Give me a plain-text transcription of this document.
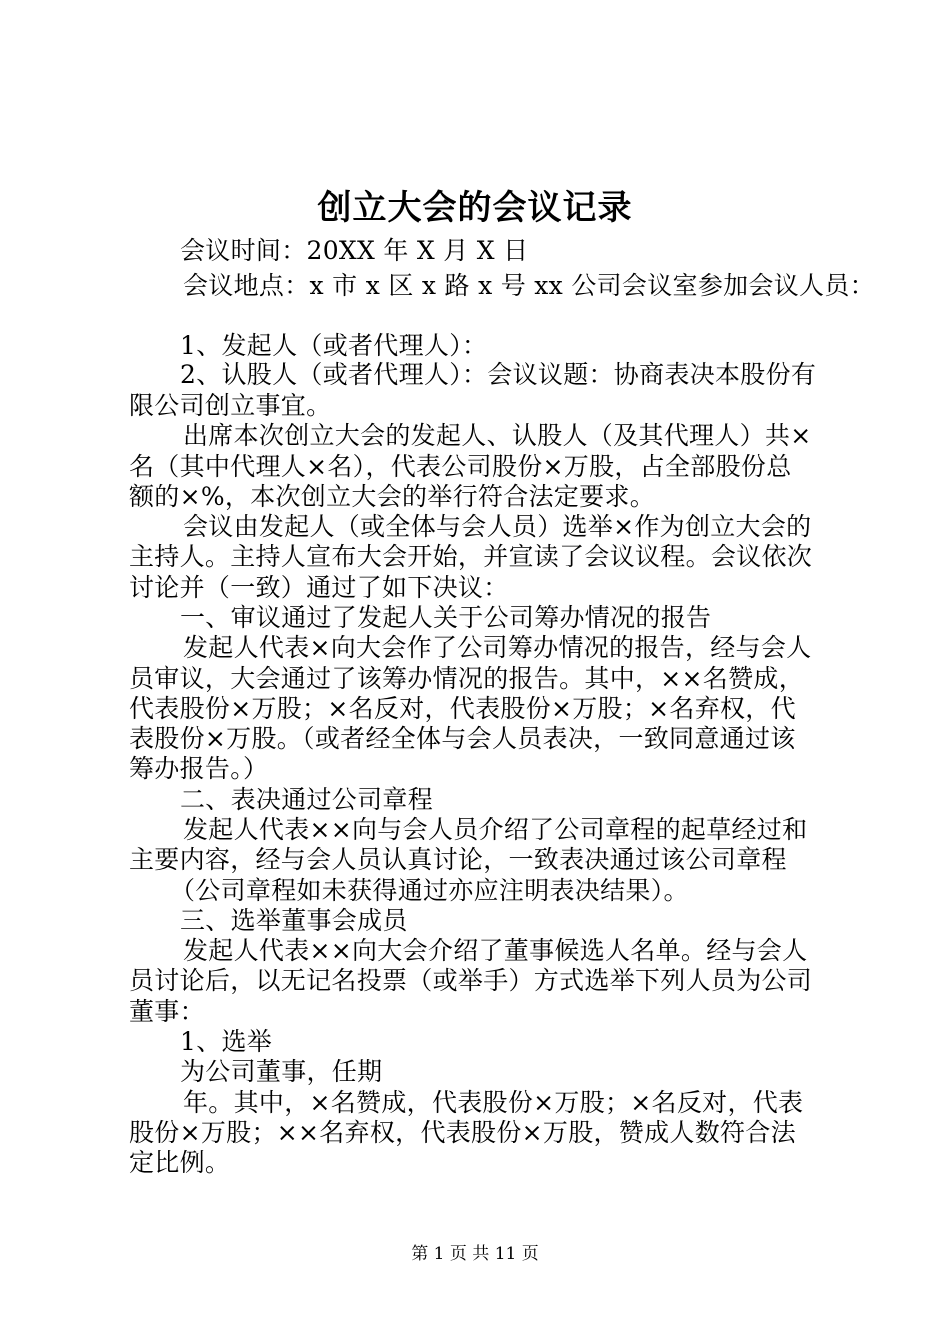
创立大会的会议记录
会议时间：20XX 年 X 月 X 日
会议地点：x 市 x 区 x 路 x 号 xx 公司会议室参加会议人员：
1、发起人（或者代理人）：
2、认股人（或者代理人）：会议议题：协商表决本股份有
限公司创立事宜。
出席本次创立大会的发起人、认股人（及其代理人）共×
名（其中代理人×名），代表公司股份×万股，占全部股份总
额的×%，本次创立大会的举行符合法定要求。
会议由发起人（或全体与会人员）选举×作为创立大会的
主持人。主持人宣布大会开始，并宣读了会议议程。会议依次
讨论并（一致）通过了如下决议：
一、审议通过了发起人关于公司筹办情况的报告
发起人代表×向大会作了公司筹办情况的报告，经与会人
员审议，大会通过了该筹办情况的报告。其中，××名赞成，
代表股份×万股；×名反对，代表股份×万股；×名弃权，代
表股份×万股。（或者经全体与会人员表决，一致同意通过该
筹办报告。）
二、表决通过公司章程
发起人代表××向与会人员介绍了公司章程的起草经过和
主要内容，经与会人员认真讨论，一致表决通过该公司章程
（公司章程如未获得通过亦应注明表决结果）。
三、选举董事会成员
发起人代表××向大会介绍了董事候选人名单。经与会人
员讨论后，以无记名投票（或举手）方式选举下列人员为公司
董事：
1、选举
为公司董事，任期
年。其中，×名赞成，代表股份×万股；×名反对，代表
股份×万股；××名弃权，代表股份×万股，赞成人数符合法
定比例。
第 1 页 共 11 页
